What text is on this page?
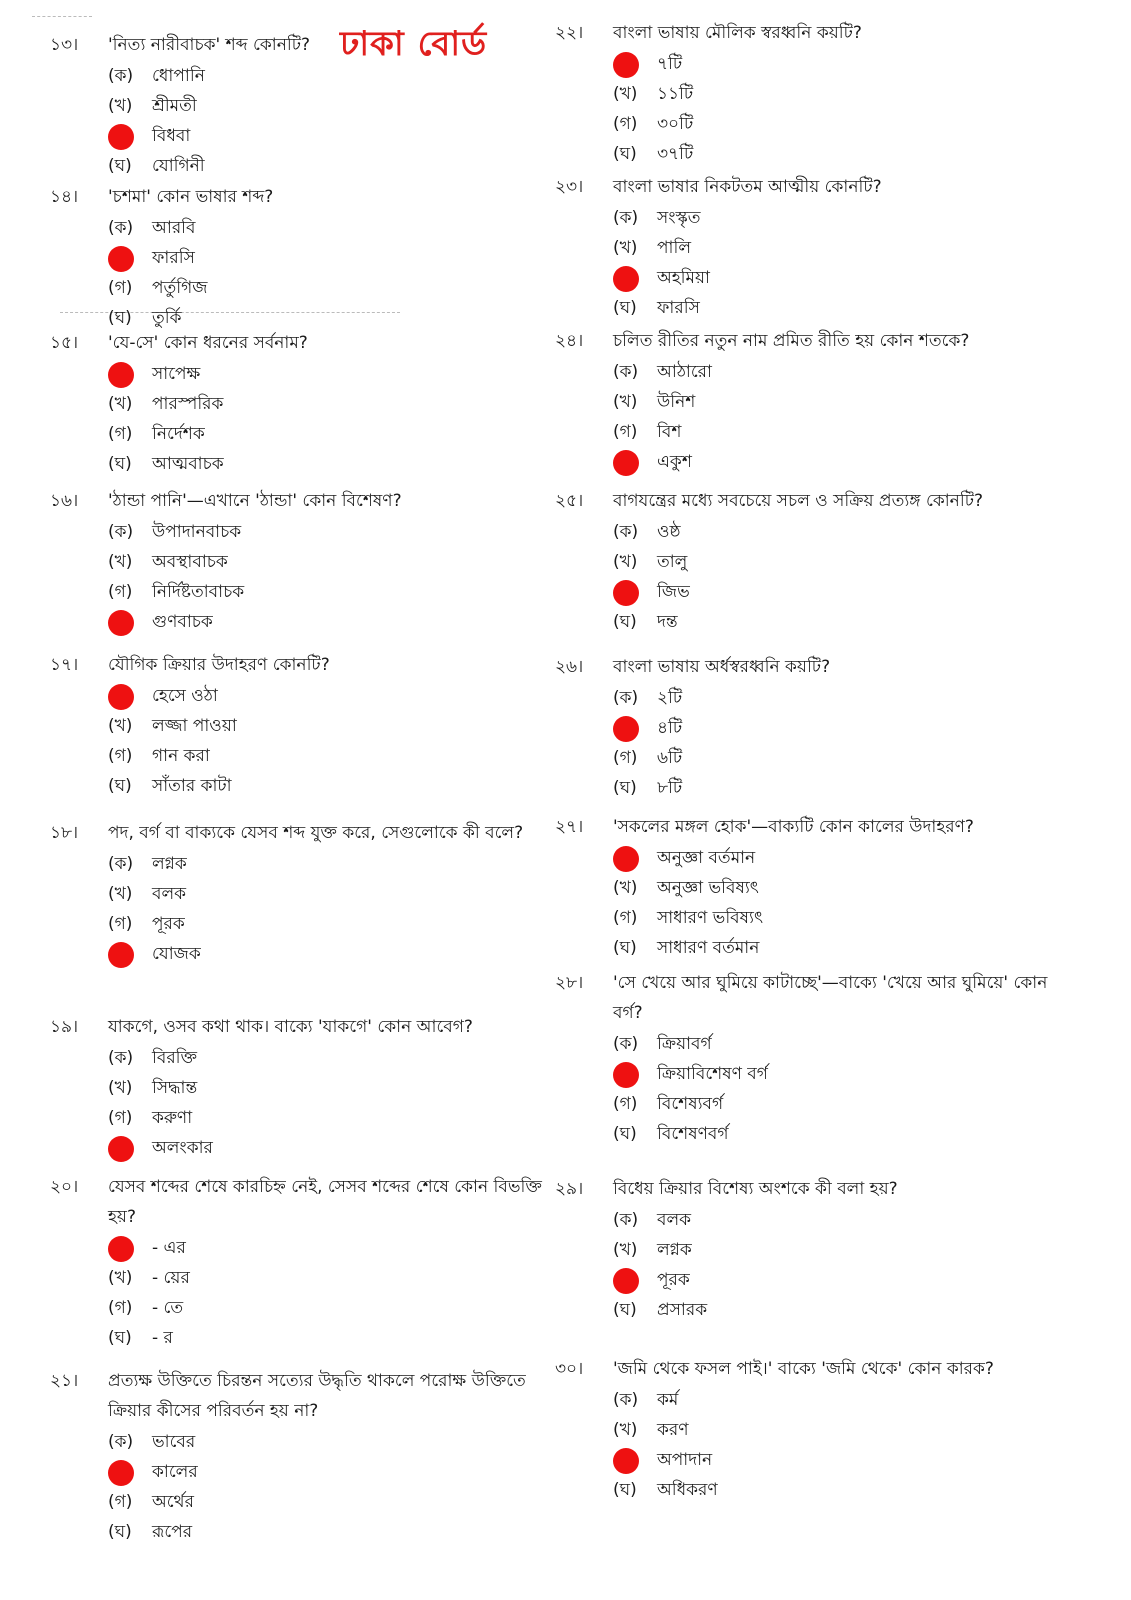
ঢাকা বোর্ড
১৩।	'নিত্য নারীবাচক' শব্দ কোনটি?
(ক)	ধোপানি
(খ)	শ্রীমতী
বিধবা
(ঘ)	যোগিনী
১৪।	'চশমা' কোন ভাষার শব্দ?
(ক)	আরবি
ফারসি
(গ)	পর্তুগিজ
(ঘ)	তুর্কি
১৫।	'যে-সে' কোন ধরনের সর্বনাম?
সাপেক্ষ
(খ)	পারস্পরিক
(গ)	নির্দেশক
(ঘ)	আত্মবাচক
১৬।	'ঠান্ডা পানি'—এখানে 'ঠান্ডা' কোন বিশেষণ?
(ক)	উপাদানবাচক
(খ)	অবস্থাবাচক
(গ)	নির্দিষ্টতাবাচক
গুণবাচক
১৭।	যৌগিক ক্রিয়ার উদাহরণ কোনটি?
হেসে ওঠা
(খ)	লজ্জা পাওয়া
(গ)	গান করা
(ঘ)	সাঁতার কাটা
১৮।	পদ, বর্গ বা বাক্যকে যেসব শব্দ যুক্ত করে, সেগুলোকে কী বলে?
(ক)	লগ্নক
(খ)	বলক
(গ)	পূরক
যোজক
১৯।	যাকগে, ওসব কথা থাক। বাক্যে 'যাকগে' কোন আবেগ?
(ক)	বিরক্তি
(খ)	সিদ্ধান্ত
(গ)	করুণা
অলংকার
২০।	যেসব শব্দের শেষে কারচিহ্ন নেই, সেসব শব্দের শেষে কোন বিভক্তি হয়?
- এর
(খ)	- য়ের
(গ)	- তে
(ঘ)	- র
২১।	প্রত্যক্ষ উক্তিতে চিরন্তন সত্যের উদ্ধৃতি থাকলে পরোক্ষ উক্তিতে ক্রিয়ার কীসের পরিবর্তন হয় না?
(ক)	ভাবের
কালের
(গ)	অর্থের
(ঘ)	রূপের
২২।	বাংলা ভাষায় মৌলিক স্বরধ্বনি কয়টি?
৭টি
(খ)	১১টি
(গ)	৩০টি
(ঘ)	৩৭টি
২৩।	বাংলা ভাষার নিকটতম আত্মীয় কোনটি?
(ক)	সংস্কৃত
(খ)	পালি
অহমিয়া
(ঘ)	ফারসি
২৪।	চলিত রীতির নতুন নাম প্রমিত রীতি হয় কোন শতকে?
(ক)	আঠারো
(খ)	উনিশ
(গ)	বিশ
একুশ
২৫।	বাগযন্ত্রের মধ্যে সবচেয়ে সচল ও সক্রিয় প্রত্যঙ্গ কোনটি?
(ক)	ওষ্ঠ
(খ)	তালু
জিভ
(ঘ)	দন্ত
২৬।	বাংলা ভাষায় অর্ধস্বরধ্বনি কয়টি?
(ক)	২টি
৪টি
(গ)	৬টি
(ঘ)	৮টি
২৭।	'সকলের মঙ্গল হোক'—বাক্যটি কোন কালের উদাহরণ?
অনুজ্ঞা বর্তমান
(খ)	অনুজ্ঞা ভবিষ্যৎ
(গ)	সাধারণ ভবিষ্যৎ
(ঘ)	সাধারণ বর্তমান
২৮।	'সে খেয়ে আর ঘুমিয়ে কাটাচ্ছে'—বাক্যে 'খেয়ে আর ঘুমিয়ে' কোন বর্গ?
(ক)	ক্রিয়াবর্গ
ক্রিয়াবিশেষণ বর্গ
(গ)	বিশেষ্যবর্গ
(ঘ)	বিশেষণবর্গ
২৯।	বিধেয় ক্রিয়ার বিশেষ্য অংশকে কী বলা হয়?
(ক)	বলক
(খ)	লগ্নক
পূরক
(ঘ)	প্রসারক
৩০।	'জমি থেকে ফসল পাই।' বাক্যে 'জমি থেকে' কোন কারক?
(ক)	কর্ম
(খ)	করণ
অপাদান
(ঘ)	অধিকরণ
